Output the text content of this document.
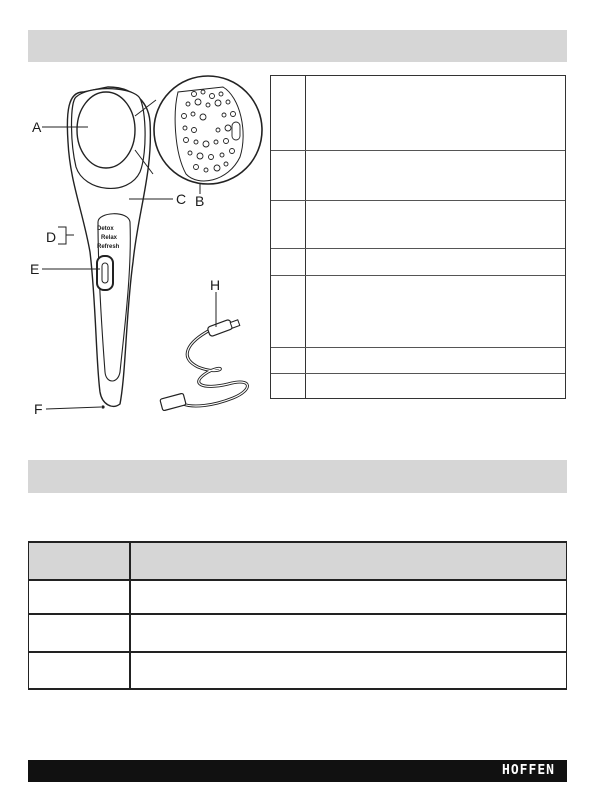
Detox
Relax
Refresh
A
B
C
D
E
F
H
HOFFEN
